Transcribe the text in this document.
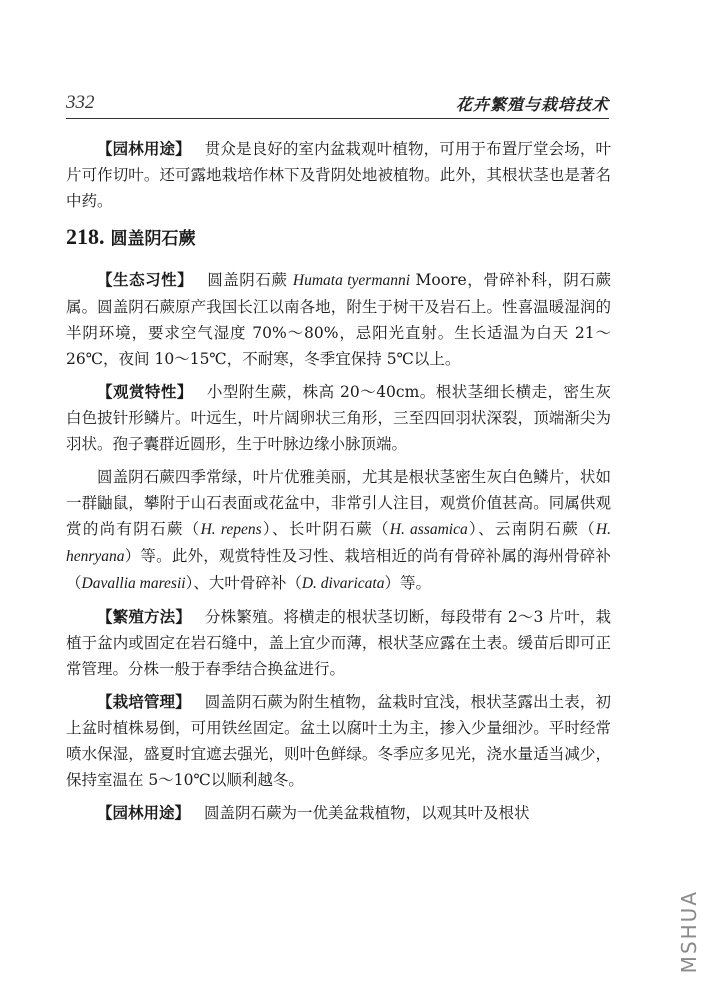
332	花卉繁殖与栽培技术

【园林用途】 贯众是良好的室内盆栽观叶植物，可用于布置厅堂会场，叶片可作切叶。还可露地栽培作林下及背阴处地被植物。此外，其根状茎也是著名中药。

218. 圆盖阴石蕨

【生态习性】 圆盖阴石蕨 Humata tyermanni Moore，骨碎补科，阴石蕨属。圆盖阴石蕨原产我国长江以南各地，附生于树干及岩石上。性喜温暖湿润的半阴环境，要求空气湿度 70%～80%，忌阳光直射。生长适温为白天 21～26℃，夜间 10～15℃，不耐寒，冬季宜保持 5℃以上。

【观赏特性】 小型附生蕨，株高 20～40cm。根状茎细长横走，密生灰白色披针形鳞片。叶远生，叶片阔卵状三角形，三至四回羽状深裂，顶端渐尖为羽状。孢子囊群近圆形，生于叶脉边缘小脉顶端。

圆盖阴石蕨四季常绿，叶片优雅美丽，尤其是根状茎密生灰白色鳞片，状如一群鼬鼠，攀附于山石表面或花盆中，非常引人注目，观赏价值甚高。同属供观赏的尚有阴石蕨（H. repens）、长叶阴石蕨（H. assamica）、云南阴石蕨（H. henryana）等。此外，观赏特性及习性、栽培相近的尚有骨碎补属的海州骨碎补（Davallia maresii）、大叶骨碎补（D. divaricata）等。

【繁殖方法】 分株繁殖。将横走的根状茎切断，每段带有 2～3 片叶，栽植于盆内或固定在岩石缝中，盖上宜少而薄，根状茎应露在土表。缓苗后即可正常管理。分株一般于春季结合换盆进行。

【栽培管理】 圆盖阴石蕨为附生植物，盆栽时宜浅，根状茎露出土表，初上盆时植株易倒，可用铁丝固定。盆土以腐叶土为主，掺入少量细沙。平时经常喷水保湿，盛夏时宜遮去强光，则叶色鲜绿。冬季应多见光，浇水量适当减少，保持室温在 5～10℃以顺利越冬。

【园林用途】 圆盖阴石蕨为一优美盆栽植物，以观其叶及根状

MSHUA
